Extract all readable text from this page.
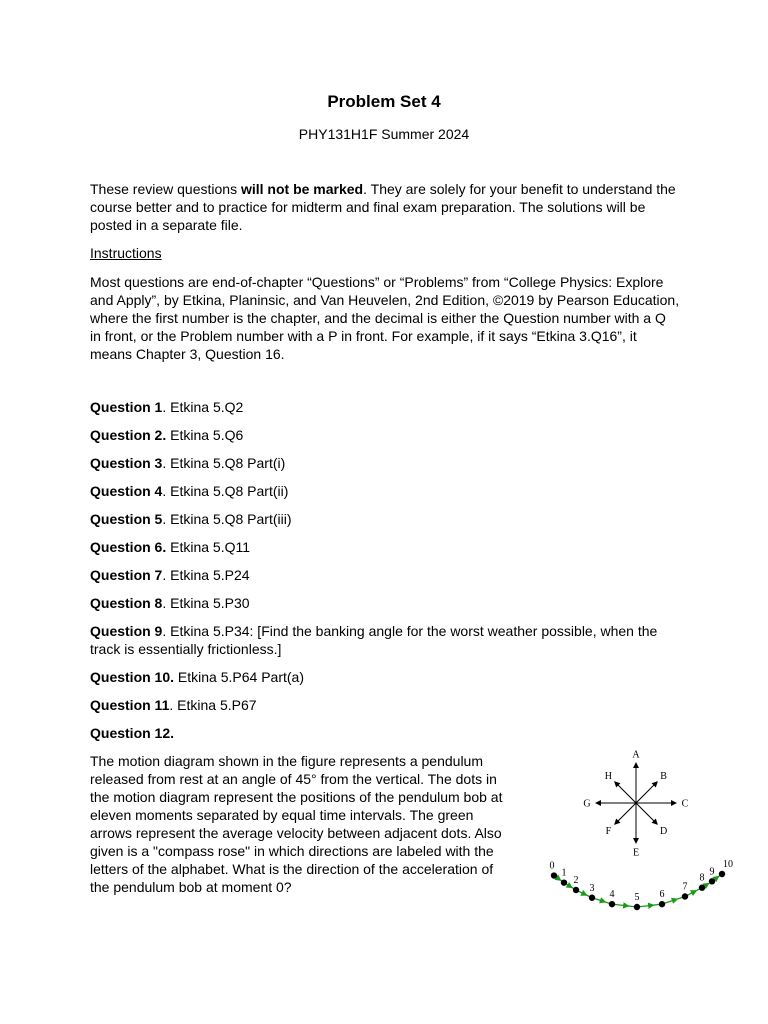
Problem Set 4

PHY131H1F Summer 2024

These review questions will not be marked. They are solely for your benefit to understand the course better and to practice for midterm and final exam preparation. The solutions will be posted in a separate file.

Instructions

Most questions are end-of-chapter “Questions” or “Problems” from “College Physics: Explore and Apply”, by Etkina, Planinsic, and Van Heuvelen, 2nd Edition, ©2019 by Pearson Education, where the first number is the chapter, and the decimal is either the Question number with a Q in front, or the Problem number with a P in front. For example, if it says “Etkina 3.Q16”, it means Chapter 3, Question 16.

Question 1. Etkina 5.Q2

Question 2. Etkina 5.Q6

Question 3. Etkina 5.Q8 Part(i)

Question 4. Etkina 5.Q8 Part(ii)

Question 5. Etkina 5.Q8 Part(iii)

Question 6. Etkina 5.Q11

Question 7. Etkina 5.P24

Question 8. Etkina 5.P30

Question 9. Etkina 5.P34: [Find the banking angle for the worst weather possible, when the track is essentially frictionless.]

Question 10. Etkina 5.P64 Part(a)

Question 11. Etkina 5.P67

Question 12.

The motion diagram shown in the figure represents a pendulum released from rest at an angle of 45° from the vertical. The dots in the motion diagram represent the positions of the pendulum bob at eleven moments separated by equal time intervals. The green arrows represent the average velocity between adjacent dots. Also given is a "compass rose" in which directions are labeled with the letters of the alphabet. What is the direction of the acceleration of the pendulum bob at moment 0?

A
B
C
D
E
F
G
H
0
1
2
3
4 5 6
7
8
9
10
